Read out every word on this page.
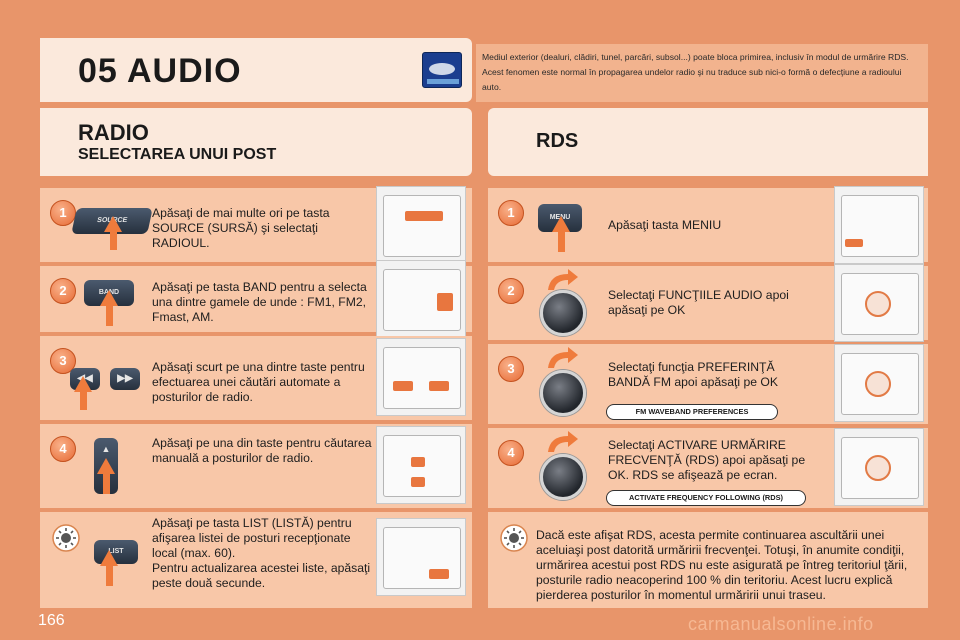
05 AUDIO	Mediul exterior (dealuri, clădiri, tunel, parcări, subsol...) poate bloca primirea, inclusiv în modul de urmărire RDS. Acest fenomen este normal în propagarea undelor radio şi nu traduce sub nici-o formă o defecţiune a radioului auto.

RADIO
SELECTAREA UNUI POST
RDS
1
SOURCE
Apăsaţi de mai multe ori pe tasta SOURCE (SURSĂ) şi selectaţi RADIOUL.
2	BAND	Apăsaţi pe tasta BAND pentru a selecta una dintre gamele de unde : FM1, FM2, Fmast, AM.
3
◀◀	▶▶
Apăsaţi scurt pe una dintre taste pentru efectuarea unei căutări automate a posturilor de radio.
4	▲	Apăsaţi pe una din taste pentru căutarea manuală a posturilor de radio.
LIST
Apăsaţi pe tasta LIST (LISTĂ) pentru afişarea listei de posturi recepţionate local (max. 60).
Pentru actualizarea acestei liste, apăsaţi peste două secunde.
1	MENU
Apăsaţi tasta MENIU
2	Selectaţi FUNCŢIILE AUDIO apoi apăsaţi pe OK
3	Selectaţi funcţia PREFERINŢĂ BANDĂ FM apoi apăsaţi pe OK
FM WAVEBAND PREFERENCES
4	Selectaţi ACTIVARE URMĂRIRE FRECVENŢĂ (RDS) apoi apăsaţi pe OK. RDS se afişează pe ecran.
ACTIVATE FREQUENCY FOLLOWING (RDS)
Dacă este afişat RDS, acesta permite continuarea ascultării unei aceluiaşi post datorită urmăririi frecvenţei. Totuşi, în anumite condiţii, urmărirea acestui post RDS nu este asigurată pe întreg teritoriul ţării, posturile radio neacoperind 100 % din teritoriu. Acest lucru explică pierderea posturilor în momentul urmăririi unui traseu.
166	carmanualsonline.info
